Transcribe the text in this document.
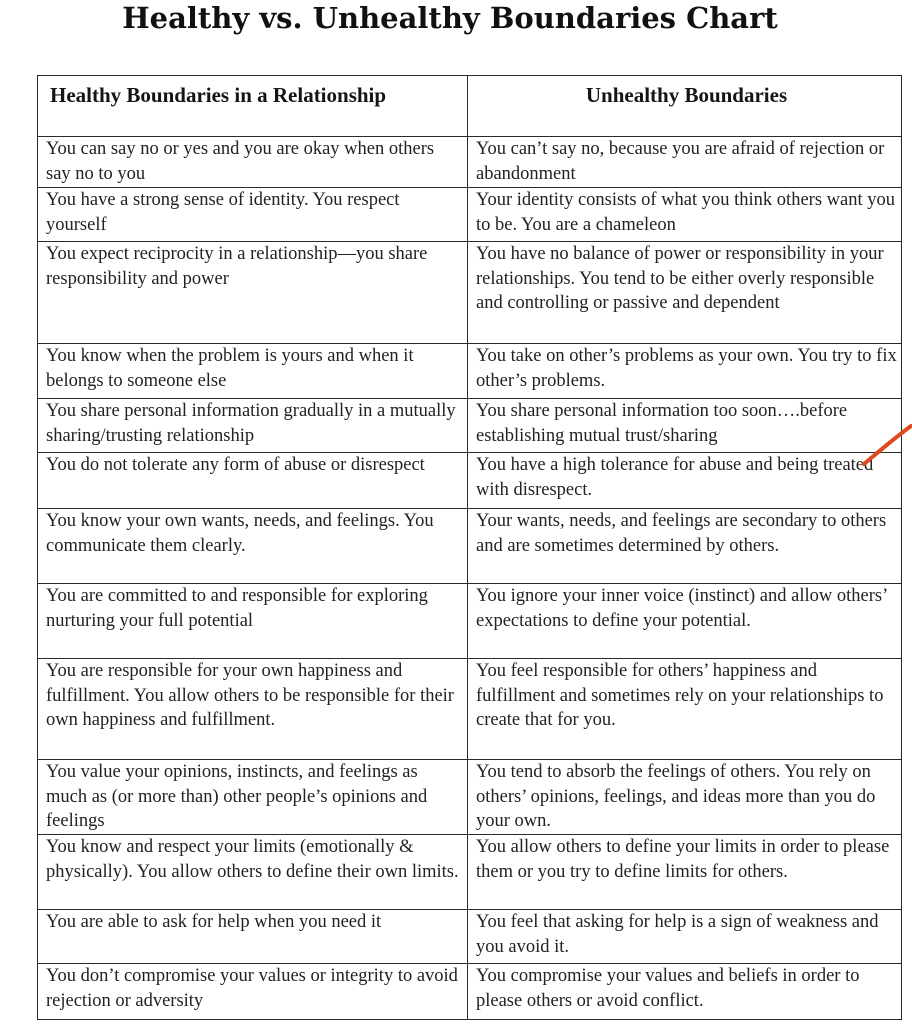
Healthy vs. Unhealthy Boundaries Chart
Healthy Boundaries in a Relationship	Unhealthy Boundaries
You can say no or yes and you are okay when others say no to you	You can’t say no, because you are afraid of rejection or abandonment
You have a strong sense of identity. You respect yourself	Your identity consists of what you think others want you to be. You are a chameleon
You expect reciprocity in a relationship—you share responsibility and power	You have no balance of power or responsibility in your relationships. You tend to be either overly responsible and controlling or passive and dependent
You know when the problem is yours and when it belongs to someone else	You take on other’s problems as your own. You try to fix other’s problems.
You share personal information gradually in a mutually sharing/trusting relationship	You share personal information too soon….before establishing mutual trust/sharing
You do not tolerate any form of abuse or disrespect	You have a high tolerance for abuse and being treated with disrespect.
You know your own wants, needs, and feelings. You communicate them clearly.	Your wants, needs, and feelings are secondary to others and are sometimes determined by others.
You are committed to and responsible for exploring nurturing your full potential	You ignore your inner voice (instinct) and allow others’ expectations to define your potential.
You are responsible for your own happiness and fulfillment. You allow others to be responsible for their own happiness and fulfillment.	You feel responsible for others’ happiness and fulfillment and sometimes rely on your relationships to create that for you.
You value your opinions, instincts, and feelings as much as (or more than) other people’s opinions and feelings	You tend to absorb the feelings of others. You rely on others’ opinions, feelings, and ideas more than you do your own.
You know and respect your limits (emotionally & physically). You allow others to define their own limits.	You allow others to define your limits in order to please them or you try to define limits for others.
You are able to ask for help when you need it	You feel that asking for help is a sign of weakness and you avoid it.
You don’t compromise your values or integrity to avoid rejection or adversity	You compromise your values and beliefs in order to please others or avoid conflict.
